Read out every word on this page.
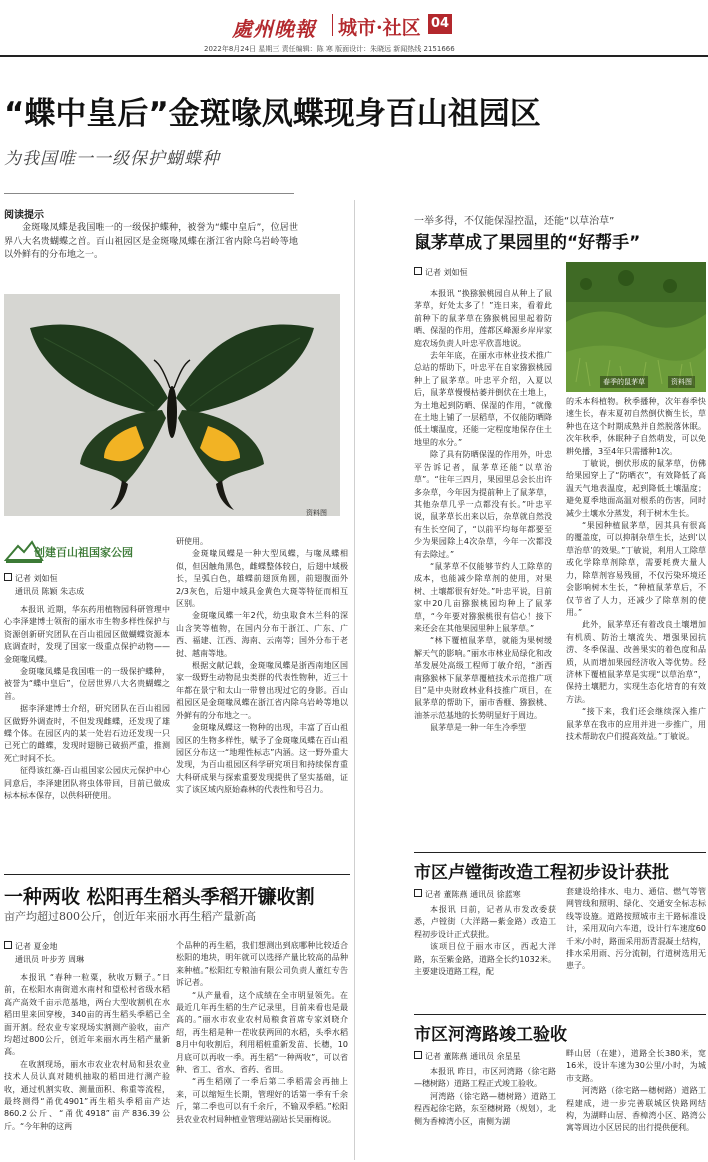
處州晚報 城市·社区 04
2022年8月24日 星期三 责任编辑：陈 寒 版面设计：朱晓远 新闻热线 2151666
“蝶中皇后”金斑喙凤蝶现身百山祖园区
为我国唯一一级保护蝴蝶种
阅读提示

金斑喙凤蝶是我国唯一的一级保护蝶种，被誉为“蝶中皇后”，位居世界八大名贵蝴蝶之首。百山祖园区是金斑喙凤蝶在浙江省内除乌岩岭等地以外鲜有的分布地之一。

资料图
创建百山祖国家公园
记者 刘如恒
通讯员 陈颖 朱志成

本报讯 近期，华东药用植物园科研管理中心李泽建博士领衔的丽水市生物多样性保护与资源创新研究团队在百山祖园区做蝴蝶资源本底调查时，发现了国家一级重点保护动物——金斑喙凤蝶。

金斑喙凤蝶是我国唯一的一级保护蝶种，被誉为“蝶中皇后”，位居世界八大名贵蝴蝶之首。

据李泽建博士介绍，研究团队在百山祖园区做野外调查时，不但发现雌蝶，还发现了雄蝶个体。在园区内的某一处岩石边还发现一只已死亡的雌蝶，发现时翅膀已破损严重，推测死亡时间不长。

征得该红藻-百山祖国家公园庆元保护中心同意后，李泽建团队将虫体带回，目前已做成标本标本保存，以供科研使用。

研使用。

金斑喙凤蝶是一种大型凤蝶，与喙凤蝶相似，但因触角黑色，雌蝶整体较白，后翅中域极长，呈弧白色，雄蝶前翅顶角圆，前翅腹面外2/3灰色，后翅中域具金黄色大斑等特征而相互区别。

金斑喙凤蝶一年2代，幼虫取食木兰科的深山含笑等植物，在国内分布于浙江、广东、广西、福建、江西、海南、云南等；国外分布于老挝、越南等地。

根据文献记载，金斑喙凤蝶是浙西南地区国家一级野生动物昆虫类群的代表性物种，近三十年都在景宁和太山一带曾出现过它的身影。百山祖园区是金斑喙凤蝶在浙江省内除乌岩岭等地以外鲜有的分布地之一。

金斑喙凤蝶这一物种的出现，丰富了百山祖园区的生物多样性，赋予了金斑喙凤蝶在百山祖园区分布这一“地理性标志”内涵。这一野外重大发现，为百山祖园区科学研究项目和持续保育重大科研成果与探索重要发现提供了坚实基础，证实了该区域内原始森林的代表性和号召力。

一种两收 松阳再生稻头季稻开镰收割
亩产均超过800公斤，创近年来丽水再生稻产量新高
记者 夏金地
通讯员 叶步芳 周琳

本报讯 “春种一粒粟，秋收万颗子。”日前，在松阳水南街道水南村和望松村省级水稻高产高效千亩示范基地，两台大型收割机在水稻田里来回穿梭，340亩的再生稻头季稻已全面开割。经农业专家现场实割测产验收，亩产均超过800公斤，创近年来丽水再生稻产量新高。

在收割现场，丽水市农业农村局和县农业技术人员认真对随机抽取的稻田进行测产验收，通过机割实收、测量面积、称重等流程，最终测得“甬优4901”再生稻头季稻亩产达860.2公斤、“甬优4918”亩产836.39公斤。“今年种的这两

个品种的再生稻，我们想测出到底哪种比较适合松阳的地块，明年就可以选择产量比较高的品种来种植。”松阳红专粮油有限公司负责人董红专告诉记者。

“从产量看，这个成绩在全市明显领先。在最近几年再生稻的生产记录里，目前来看也是最高的。”丽水市农业农村局粮食首席专家刘晓介绍，再生稻是种一茬收获两回的水稻，头季水稻8月中旬收割后，利用稻桩重新发苗、长穗，10月底可以再收一季。再生稻“一种两收”，可以省种、省工、省水、省药、省田。

“再生稻刚了一季后第二季稻需会再抽上来，可以缩短生长期，管理好的话第一季有千余斤，第二季也可以有千余斤，不输双季稻。”松阳县农业农村局种植业管理站副站长吴丽梅说。

一举多得，不仅能保湿控温，还能“以草治草”
鼠茅草成了果园里的“好帮手”
记者 刘如恒

本报讯 “换猕猴桃园自从种上了鼠茅草，好处太多了！”连日来，看着此前种下的鼠茅草在猕猴桃园里起着防晒、保湿的作用，莲都区峰源乡岸岸家庭农场负责人叶忠平欣喜地说。

去年年底，在丽水市林业技术推广总站的帮助下，叶忠平在自家猕猴桃园种上了鼠茅草。叶忠平介绍，入夏以后，鼠茅草慢慢枯萎并倒伏在土地上，为土地起到防晒、保湿的作用，“就像在土地上铺了一层稻草，不仅能防晒降低土壤温度，还能一定程度地保存住土地里的水分。”

除了具有防晒保湿的作用外，叶忠平告诉记者，鼠茅草还能“以草治草”。“往年三四月，果园里总会长出许多杂草，今年因为提前种上了鼠茅草，其他杂草几乎一点都没有长。”叶忠平说，鼠茅草长出来以后，杂草就自然没有生长空间了，“以前平均每年都要至少为果园除上4次杂草，今年一次都没有去除过。”

“鼠茅草不仅能够节约人工除草的成本，也能减少除草剂的使用，对果树、土壤都很有好处。”叶忠平说，目前家中20几亩猕猴桃园均种上了鼠茅草，“今年要对猕猴桃很有信心！接下来还会在其他果园里种上鼠茅草。”

“林下覆植鼠茅草，就能为果树缓解天气的影响。”丽水市林业局绿化和改革发展处高级工程师丁敏介绍，“浙西南猕猴林下鼠茅草覆植技术示范推广项目”是中央财政林业科技推广项目，在鼠茅草的帮助下，丽市香榧、猕猴桃、油茶示范基地的长势明显好于周边。

鼠茅草是一种一年生冷季型

春季的鼠茅草	资料图

的禾本科植物。秋季播种，次年春季快速生长，春末夏初自然倒伏衡生长，草种也在这个时期成熟并自然脱落休眠。次年秋季，休眠种子自然萌发，可以免耕免播，3至4年只需播种1次。

丁敏说，倒伏形成的鼠茅草，仿佛给果园穿上了“防晒衣”，有效降低了高温天气地表温度，起到降低土壤温度；避免夏季地面高温对根系的伤害，同时减少土壤水分蒸发，利于树木生长。

“果园种植鼠茅草，因其具有很高的覆盖度，可以抑制杂草生长，达到‘以草治草’的效果。”丁敏说，利用人工除草或化学除草剂除草，需要耗费大量人力，除草剂容易残留，不仅污染环境还会影响树木生长，“种植鼠茅草后，不仅节省了人力，还减少了除草剂的使用。”

此外，鼠茅草还有着改良土壤增加有机质、防治土壤流失、增强果园抗涝、冬季保温、改善果实的着色度和品质，从而增加果园经济收入等优势。经济林下覆植鼠茅草是实现“以草治草”，保持土壤肥力，实现生态化培育的有效方法。

“接下来，我们还会继续深入推广鼠茅草在我市的应用并进一步推广，用技术帮助农户们提高效益。”丁敏说。

市区卢镗街改造工程初步设计获批
记者 董陈燕 通讯员 徐蓝寒

本报讯 日前，记者从市发改委获悉，卢镗街（大洋路—紫金路）改造工程初步设计正式获批。

该项目位于丽水市区，西起大洋路，东至紫金路，道路全长约1032米。主要建设道路工程，配

套建设给排水、电力、通信、燃气等管网管线和照明、绿化、交通安全标志标线等设施。道路按照城市主干路标准设计，采用双向六车道，设计行车速度60千米/小时，路面采用沥青混凝土结构，排水采用雨、污分流制，行道树选用无患子。

市区河湾路竣工验收
记者 董陈燕 通讯员 余星星

本报讯 昨日，市区河湾路（徐宅路—穗树路）道路工程正式竣工验收。

河湾路（徐宅路—穗树路）道路工程西起徐宅路，东至穗树路（规划），北侧为香樟湾小区，南侧为湖

畔山居（在建），道路全长380米，宽16米，设计车速为30公里/小时，为城市支路。

河湾路（徐宅路—穗树路）道路工程建成，进一步完善联城区快路网结构，为湖畔山居、香樟湾小区、路湾公寓等周边小区居民的出行提供便利。
